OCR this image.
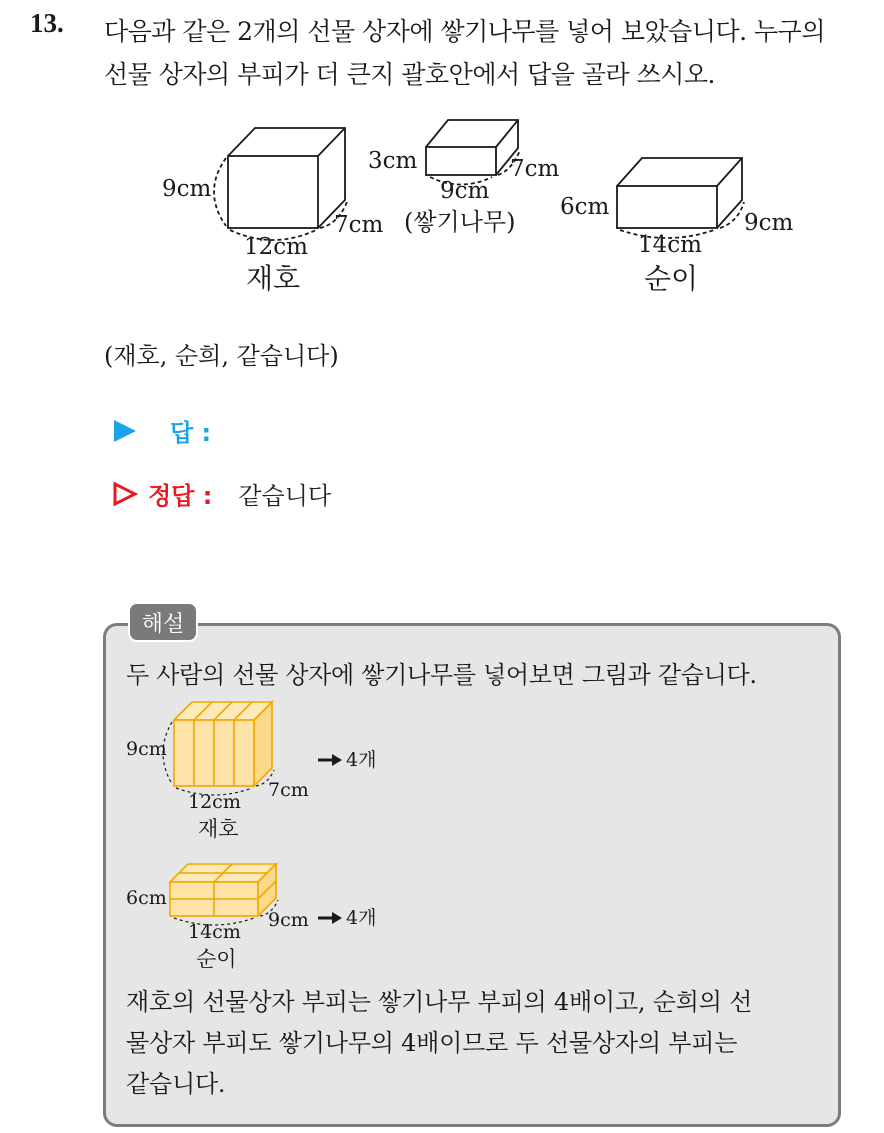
13. 다음과 같은 2개의 선물 상자에 쌓기나무를 넣어 보았습니다. 누구의
선물 상자의 부피가 더 큰지 괄호안에서 답을 골라 쓰시오.
9cm
12cm
7cm
재호
3cm
9cm
7cm
(쌓기나무)
6cm
14cm
9cm
순이
(재호, 순희, 같습니다)
답 :
정답 : 같습니다
해설
두 사람의 선물 상자에 쌓기나무를 넣어보면 그림과 같습니다.
9cm
12cm
7cm
재호
4개
6cm
14cm
9cm
순이
4개
재호의 선물상자 부피는 쌓기나무 부피의 4배이고, 순희의 선
물상자 부피도 쌓기나무의 4배이므로 두 선물상자의 부피는
같습니다.
